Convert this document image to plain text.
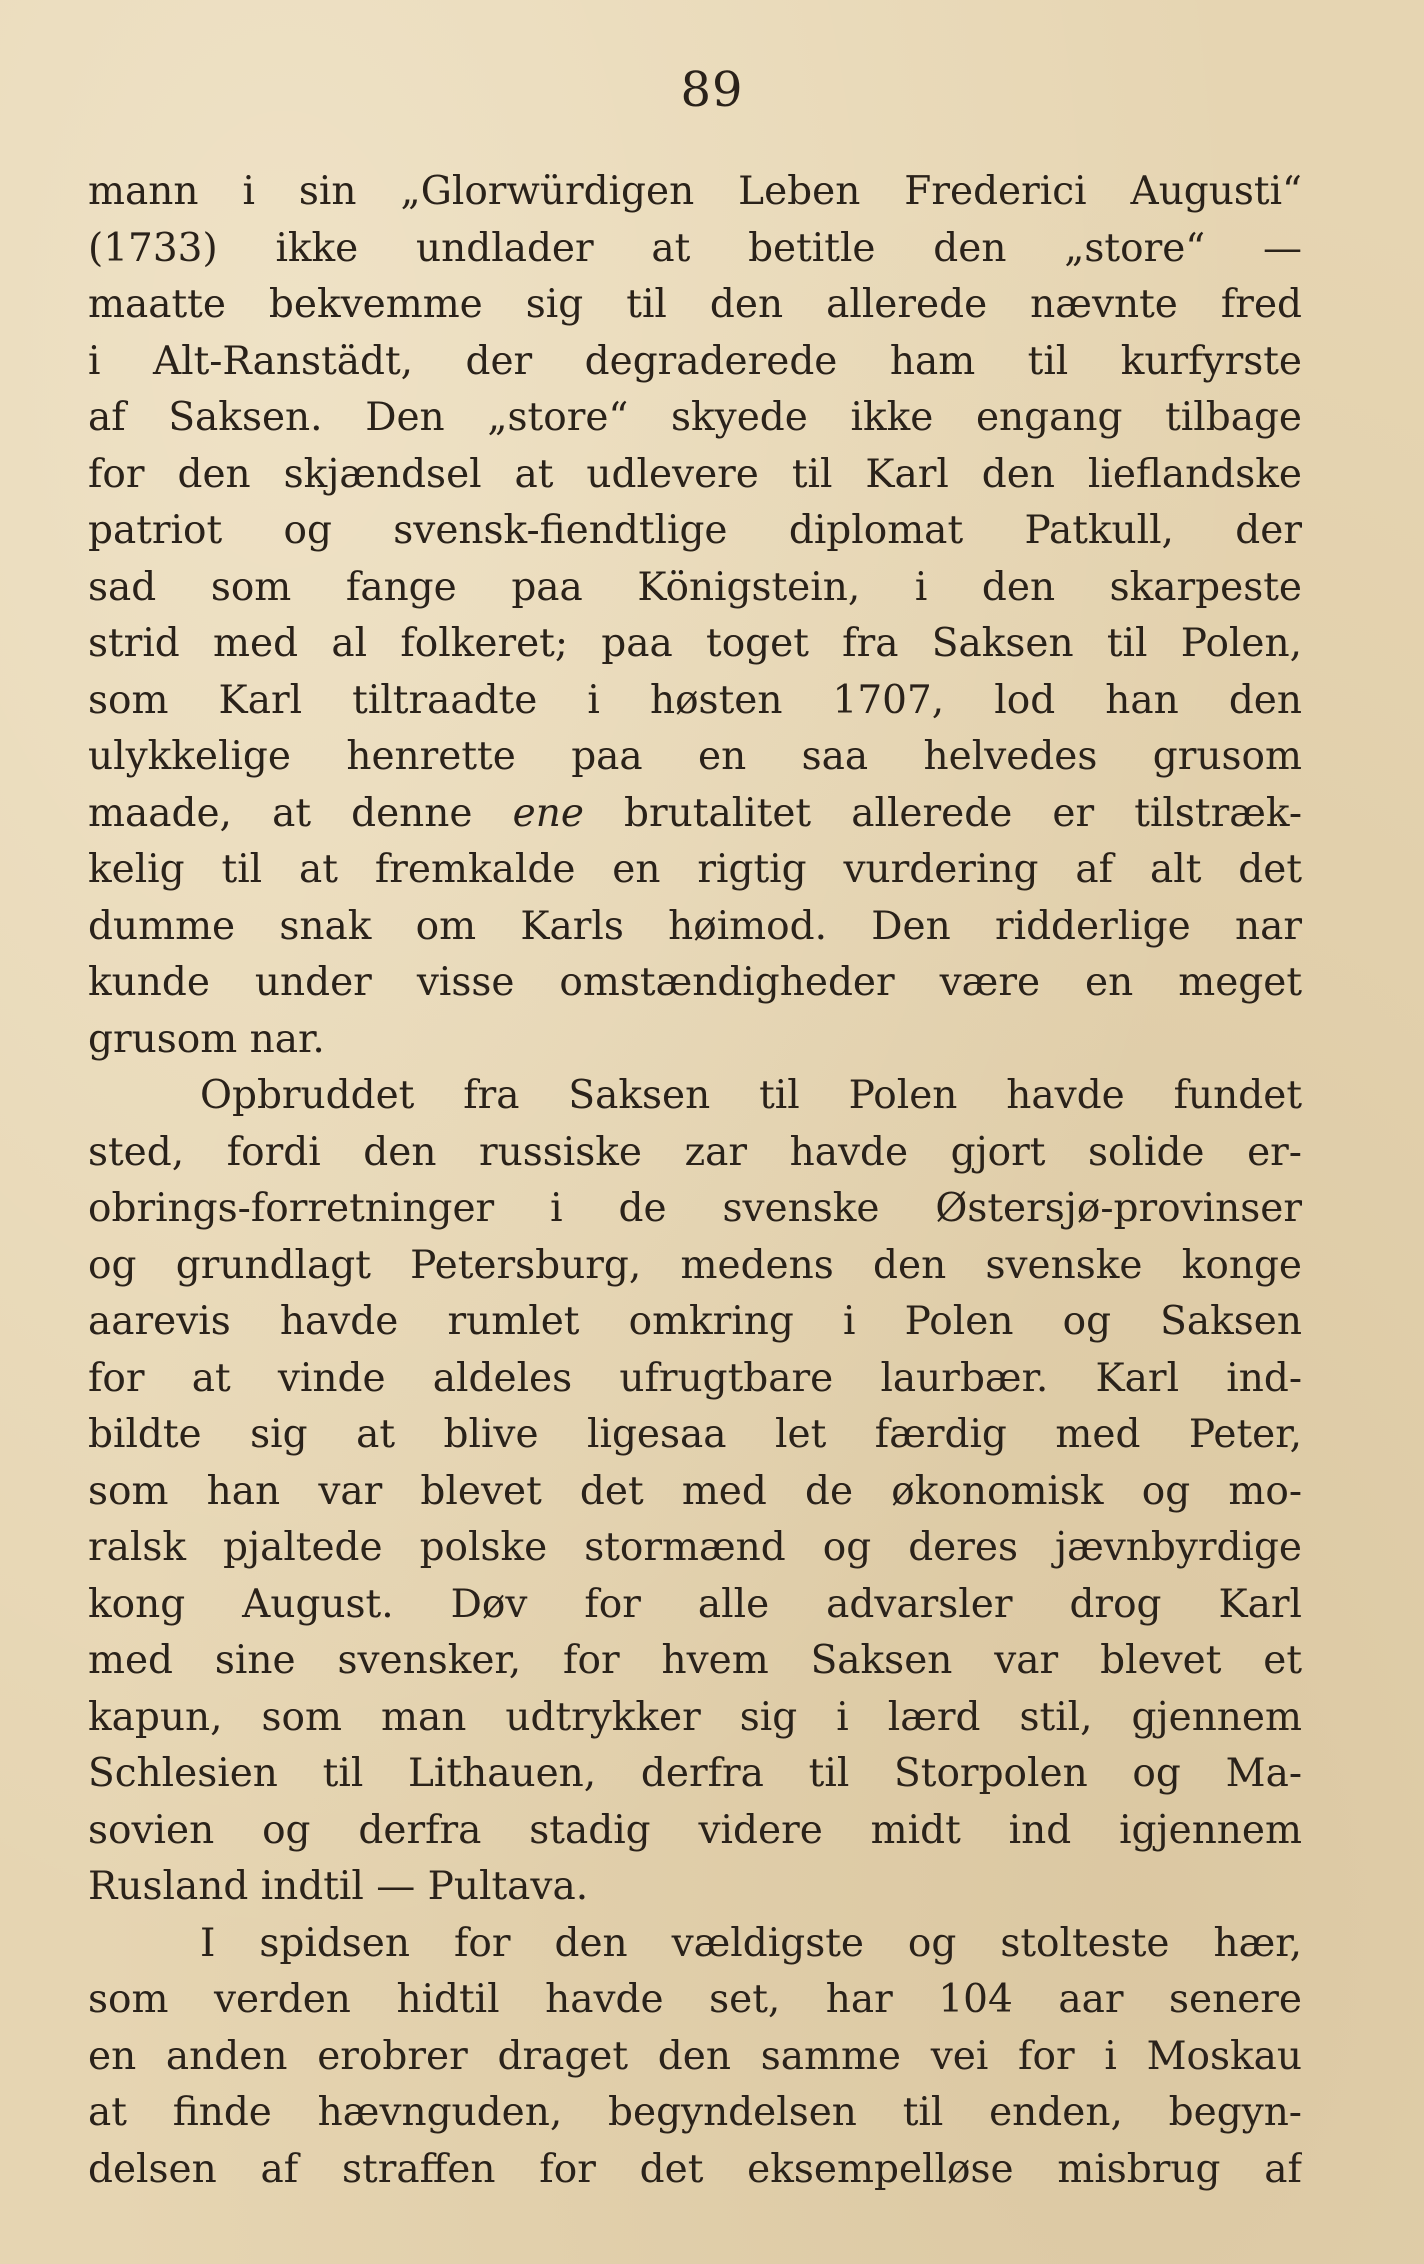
89
mann i sin „Glorwürdigen Leben Frederici Augusti“
(1733) ikke undlader at betitle den „store“ —
maatte bekvemme sig til den allerede nævnte fred
i Alt-Ranstädt, der degraderede ham til kurfyrste
af Saksen. Den „store“ skyede ikke engang tilbage
for den skjændsel at udlevere til Karl den lieflandske
patriot og svensk-fiendtlige diplomat Patkull, der
sad som fange paa Königstein, i den skarpeste
strid med al folkeret; paa toget fra Saksen til Polen,
som Karl tiltraadte i høsten 1707, lod han den
ulykkelige henrette paa en saa helvedes grusom
maade, at denne ene brutalitet allerede er tilstræk-
kelig til at fremkalde en rigtig vurdering af alt det
dumme snak om Karls høimod. Den ridderlige nar
kunde under visse omstændigheder være en meget
grusom nar.
Opbruddet fra Saksen til Polen havde fundet
sted, fordi den russiske zar havde gjort solide er-
obrings-forretninger i de svenske Østersjø-provinser
og grundlagt Petersburg, medens den svenske konge
aarevis havde rumlet omkring i Polen og Saksen
for at vinde aldeles ufrugtbare laurbær. Karl ind-
bildte sig at blive ligesaa let færdig med Peter,
som han var blevet det med de økonomisk og mo-
ralsk pjaltede polske stormænd og deres jævnbyrdige
kong August. Døv for alle advarsler drog Karl
med sine svensker, for hvem Saksen var blevet et
kapun, som man udtrykker sig i lærd stil, gjennem
Schlesien til Lithauen, derfra til Storpolen og Ma-
sovien og derfra stadig videre midt ind igjennem
Rusland indtil — Pultava.
I spidsen for den vældigste og stolteste hær,
som verden hidtil havde set, har 104 aar senere
en anden erobrer draget den samme vei for i Moskau
at finde hævnguden, begyndelsen til enden, begyn-
delsen af straffen for det eksempelløse misbrug af
